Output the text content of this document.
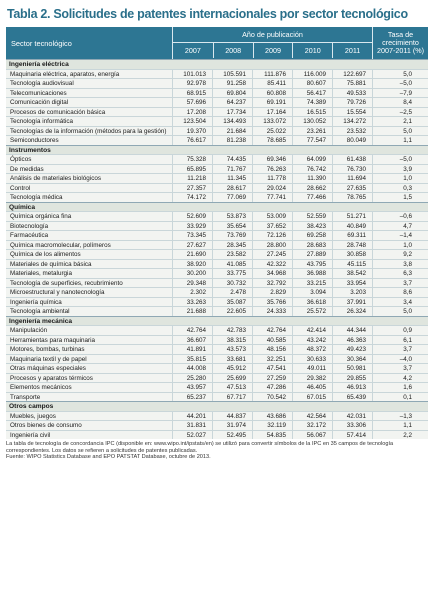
Tabla 2. Solicitudes de patentes internacionales por sector tecnológico
Sector tecnológico
Año de publicación
2007	2008	2009	2010	2011
Tasa de crecimiento 2007-2011 (%)
Ingeniería eléctrica
Maquinaria eléctrica, aparatos, energía	101.013	105.591	111.876	116.009	122.697	5,0
Tecnología audiovisual	92.978	91.258	85.411	80.607	75.881	–5,0
Telecomunicaciones	68.915	69.804	60.808	56.417	49.533	–7,9
Comunicación digital	57.696	64.237	69.191	74.389	79.726	8,4
Procesos de comunicación básica	17.208	17.734	17.164	16.515	15.554	–2,5
Tecnología informática	123.504	134.493	133.072	130.052	134.272	2,1
Tecnologías de la información (métodos para la gestión)	19.370	21.684	25.022	23.261	23.532	5,0
Semiconductores	76.617	81.238	78.685	77.547	80.049	1,1
Instrumentos
Ópticos	75.328	74.435	69.346	64.099	61.438	–5,0
De medidas	65.895	71.767	76.263	76.742	76.730	3,9
Análisis de materiales biológicos	11.218	11.345	11.778	11.390	11.694	1,0
Control	27.357	28.617	29.024	28.662	27.635	0,3
Tecnología médica	74.172	77.069	77.741	77.466	78.765	1,5
Química
Química orgánica fina	52.609	53.873	53.009	52.559	51.271	–0,6
Biotecnología	33.929	35.654	37.652	38.423	40.849	4,7
Farmacéutica	73.345	73.769	72.126	69.258	69.311	–1,4
Química macromolecular, polímeros	27.627	28.345	28.800	28.683	28.748	1,0
Química de los alimentos	21.690	23.582	27.245	27.889	30.858	9,2
Materiales de química básica	38.920	41.085	42.322	43.795	45.115	3,8
Materiales, metalurgia	30.200	33.775	34.968	36.988	38.542	6,3
Tecnología de superficies, recubrimiento	29.348	30.732	32.792	33.215	33.954	3,7
Microestructural y nanotecnología	2.302	2.478	2.829	3.094	3.203	8,6
Ingeniería química	33.263	35.087	35.766	36.618	37.991	3,4
Tecnología ambiental	21.688	22.605	24.333	25.572	26.324	5,0
Ingeniería mecánica
Manipulación	42.764	42.783	42.764	42.414	44.344	0,9
Herramientas para maquinaria	36.607	38.315	40.585	43.242	46.363	6,1
Motores, bombas, turbinas	41.891	43.573	48.156	48.372	49.423	3,7
Maquinaria textil y de papel	35.815	33.681	32.251	30.633	30.364	–4,0
Otras máquinas especiales	44.008	45.912	47.541	49.011	50.981	3,7
Procesos y aparatos térmicos	25.280	25.699	27.259	29.382	29.855	4,2
Elementos mecánicos	43.957	47.513	47.286	46.405	46.913	1,6
Transporte	65.237	67.717	70.542	67.015	65.439	0,1
Otros campos
Muebles, juegos	44.201	44.837	43.686	42.564	42.031	–1,3
Otros bienes de consumo	31.831	31.974	32.119	32.172	33.306	1,1
Ingeniería civil	52.027	52.495	54.835	56.067	57.414	2,2
La tabla de tecnología de concordancia IPC (disponible en: www.wipo.int/ipstats/en) se utilizó para convertir símbolos de la IPC en 35 campos de tecnología correspondientes. Los datos se refieren a solicitudes de patentes publicadas.
Fuente: WIPO Statistics Database and EPO PATSTAT Database, octubre de 2013.
